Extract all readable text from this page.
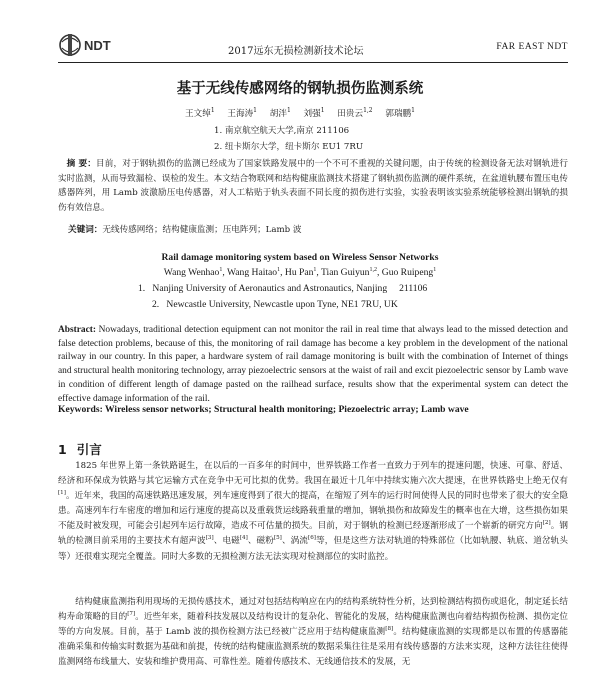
NDT	2017远东无损检测新技术论坛	FAR EAST NDT
基于无线传感网络的钢轨损伤监测系统
王文绰$^1$ 王海涛$^1$ 胡泮$^1$ 刘强$^1$ 田贵云$^{1,2}$ 郭瑞鹏$^1$
1. 南京航空航天大学,南京 211106
2. 纽卡斯尔大学，纽卡斯尔 EU1 7RU
摘 要：目前，对于钢轨损伤的监测已经成为了国家铁路发展中的一个不可不重视的关键问题，由于传统的检测设备无法对钢轨进行实时监测，从而导致漏检、误检的发生。本文结合物联网和结构健康监测技术搭建了钢轨损伤监测的硬件系统，在盆道轨腰布置压电传感器阵列，用 Lamb 波激励压电传感器，对人工粘贴于轨头表面不同长度的损伤进行实验，实验表明该实验系统能够检测出钢轨的损伤有效信息。
关键词：无线传感网络；结构健康监测；压电阵列；Lamb 波
Rail damage monitoring system based on Wireless Sensor Networks
Wang Wenhao$^1$, Wang Haitao$^1$, Hu Pan$^1$, Tian Guiyun$^{1,2}$, Guo Ruipeng$^1$
1.   Nanjing University of Aeronautics and Astronautics, Nanjing     211106
2.   Newcastle University, Newcastle upon Tyne, NE1 7RU, UK
Abstract: Nowadays, traditional detection equipment can not monitor the rail in real time that always lead to the missed detection and false detection problems, because of this, the monitoring of rail damage has become a key problem in the development of the national railway in our country. In this paper, a hardware system of rail damage monitoring is built with the combination of Internet of things and structural health monitoring technology, array piezoelectric sensors at the waist of rail and excit piezoelectric sensor by Lamb wave in condition of different length of damage pasted on the railhead surface, results show that the experimental system can detect the effective damage information of the rail.
Keywords: Wireless sensor networks; Structural health monitoring; Piezoelectric array; Lamb wave
1 引言
1825 年世界上第一条铁路诞生，在以后的一百多年的时间中，世界铁路工作者一直致力于列车的提速问题，快速、可靠、舒适、经济和环保成为铁路与其它运输方式在竞争中无可比拟的优势。我国在最近十几年中持续实施六次大提速，在世界铁路史上绝无仅有[1]。近年来，我国的高速铁路迅速发展，列车速度得到了很大的提高，在缩短了列车的运行时间使得人民的同时也带来了很大的安全隐患。高速列车行车密度的增加和运行速度的提高以及重载货运线路载重量的增加，钢轨损伤和故障发生的概率也在大增，这些损伤如果不能及时被发现，可能会引起列车运行故障，造成不可估量的损失。目前，对于钢轨的检测已经逐渐形成了一个崭新的研究方向[2]。钢轨的检测目前采用的主要技术有超声波[3]、电磁[4]、磁粉[5]、涡流[6]等，但是这些方法对轨道的特殊部位（比如轨腰、轨底、道岔轨头等）还很难实现完全覆盖。同时大多数的无损检测方法无法实现对检测部位的实时监控。
结构健康监测指利用现场的无损传感技术，通过对包括结构响应在内的结构系统特性分析，达到检测结构损伤或退化，制定延长结构寿命策略的目的[7]。近些年来，随着科技发展以及结构设计的复杂化、智能化的发展，结构健康监测也向着结构损伤检测、损伤定位等的方向发展。目前，基于 Lamb 波的损伤检测方法已经被广泛应用于结构健康监测[8]。结构健康监测的实现都是以布置的传感器能准确采集和传输实时数据为基础和前提，传统的结构健康监测系统的数据采集往往是采用有线传感器的方法来实现，这种方法往往使得监测网络布线量大、安装和维护费用高、可靠性差。随着传感技术、无线通信技术的发展，无
